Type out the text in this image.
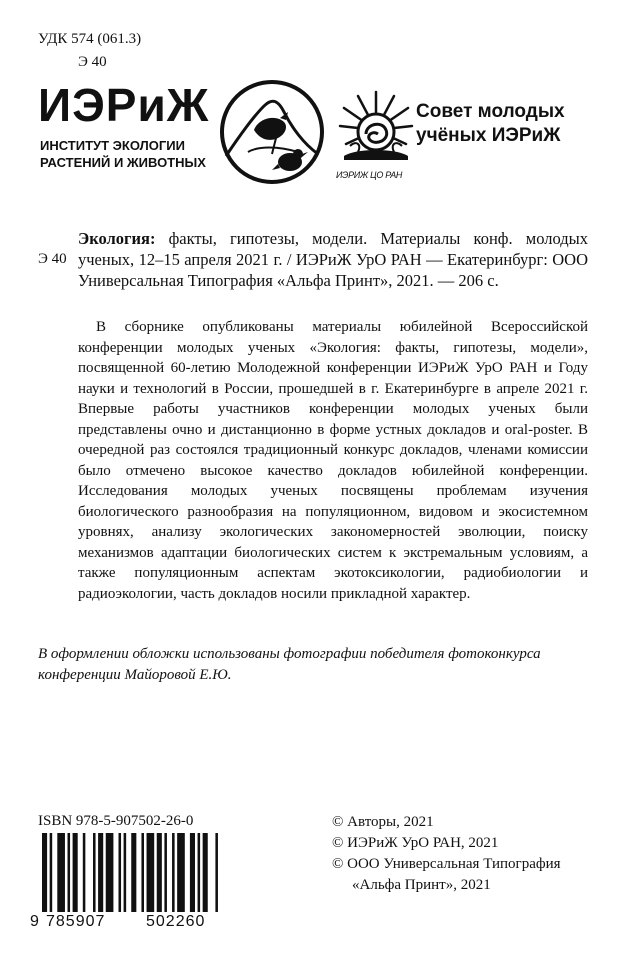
УДК 574 (061.3)
Э 40
ИЭРиЖ
ИНСТИТУТ ЭКОЛОГИИ
РАСТЕНИЙ И ЖИВОТНЫХ
ИЭРИЖ ЦО РАН
Совет молодых
учёных ИЭРиЖ
Э 40
Экология: факты, гипотезы, модели. Материалы конф. молодых ученых, 12–15 апреля 2021 г. / ИЭРиЖ УрО РАН — Екатеринбург: ООО Универсальная Типография «Альфа Принт», 2021. — 206 с.
В сборнике опубликованы материалы юбилейной Всероссийской конференции молодых ученых «Экология: факты, гипотезы, модели», посвященной 60-летию Молодежной конференции ИЭРиЖ УрО РАН и Году науки и технологий в России, прошедшей в г. Екатеринбурге в апреле 2021 г. Впервые работы участников конференции молодых ученых были представлены очно и дистанционно в форме устных докладов и oral-poster. В очередной раз состоялся традиционный конкурс докладов, членами комиссии было отмечено высокое качество докладов юбилейной конференции. Исследования молодых ученых посвящены проблемам изучения биологического разнообразия на популяционном, видовом и экосистемном уровнях, анализу экологических закономерностей эволюции, поиску механизмов адаптации биологических систем к экстремальным условиям, а также популяционным аспектам экотоксикологии, радиобиологии и радиоэкологии, часть докладов носили прикладной характер.
В оформлении обложки использованы фотографии победителя фотоконкурса конференции Майоровой Е.Ю.
ISBN 978-5-907502-26-0
9 785907	502260
© Авторы, 2021
© ИЭРиЖ УрО РАН, 2021
© ООО Универсальная Типография
«Альфа Принт», 2021
